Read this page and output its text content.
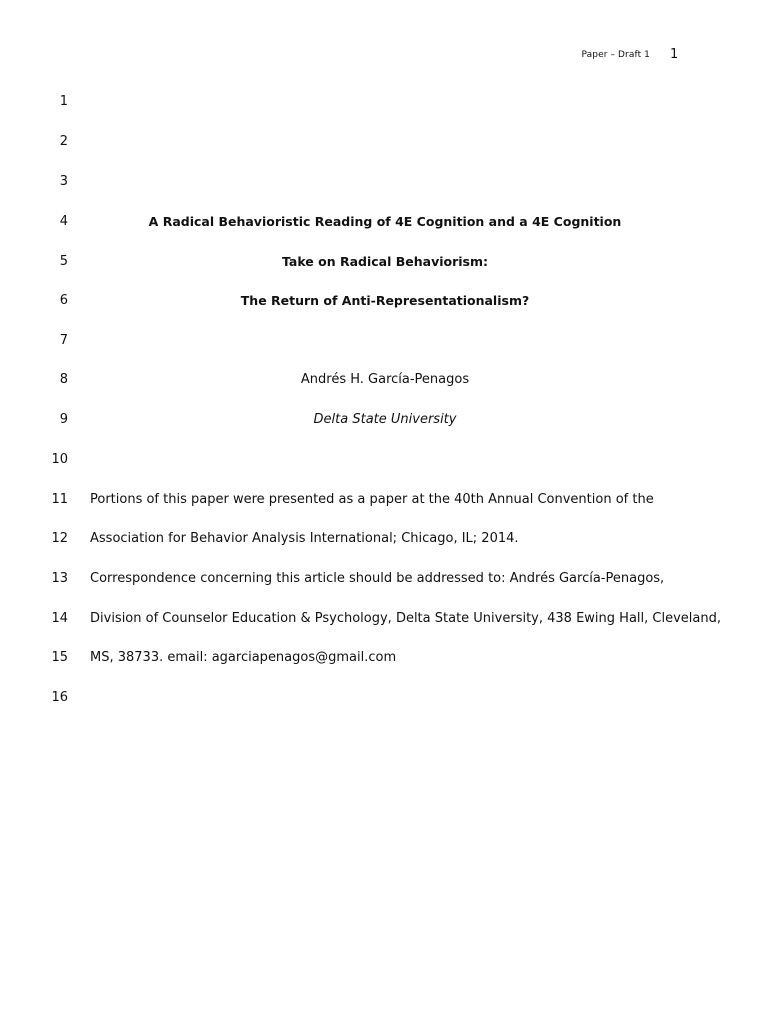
Paper – Draft 1 1
1
2
3
4	A Radical Behavioristic Reading of 4E Cognition and a 4E Cognition
5	Take on Radical Behaviorism:
6	The Return of Anti-Representationalism?
7
8	Andrés H. García-Penagos
9	Delta State University
10
11 Portions of this paper were presented as a paper at the 40th Annual Convention of the
12 Association for Behavior Analysis International; Chicago, IL; 2014.
13 Correspondence concerning this article should be addressed to: Andrés García-Penagos,
14 Division of Counselor Education & Psychology, Delta State University, 438 Ewing Hall, Cleveland,
15 MS, 38733. email: agarciapenagos@gmail.com
16
